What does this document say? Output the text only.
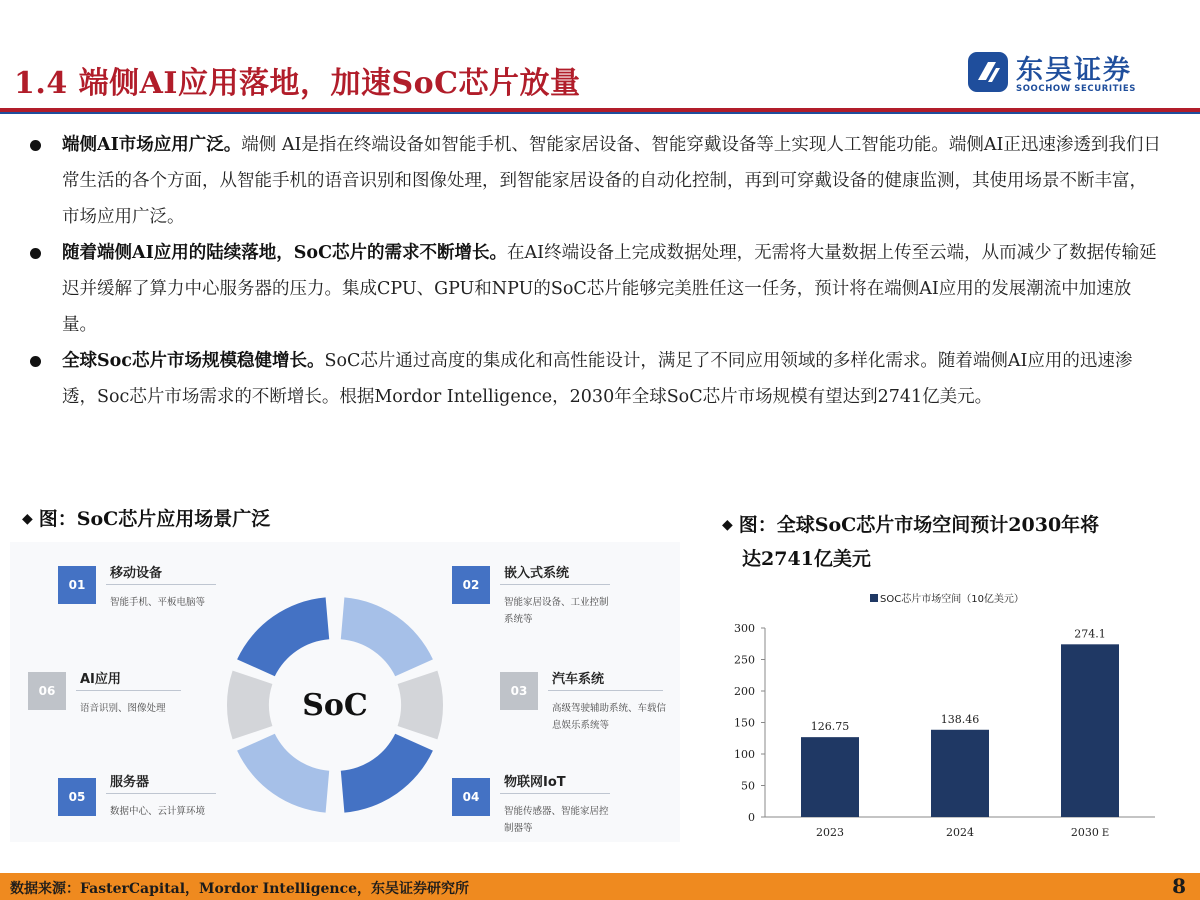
1.4 端侧AI应用落地，加速SoC芯片放量	东吴证券
SOOCHOW SECURITIES

端侧AI市场应用广泛。端侧 AI是指在终端设备如智能手机、智能家居设备、智能穿戴设备等上实现人工智能功能。端侧AI正迅速渗透到我们日常生活的各个方面，从智能手机的语音识别和图像处理，到智能家居设备的自动化控制，再到可穿戴设备的健康监测，其使用场景不断丰富，市场应用广泛。

随着端侧AI应用的陆续落地，SoC芯片的需求不断增长。在AI终端设备上完成数据处理，无需将大量数据上传至云端，从而减少了数据传输延迟并缓解了算力中心服务器的压力。集成CPU、GPU和NPU的SoC芯片能够完美胜任这一任务，预计将在端侧AI应用的发展潮流中加速放量。

全球Soc芯片市场规模稳健增长。SoC芯片通过高度的集成化和高性能设计，满足了不同应用领域的多样化需求。随着端侧AI应用的迅速渗透，Soc芯片市场需求的不断增长。根据Mordor Intelligence，2030年全球SoC芯片市场规模有望达到2741亿美元。

◆ 图：SoC芯片应用场景广泛
SoC
01
移动设备
智能手机、平板电脑等
06
AI应用
语音识别、图像处理
05
服务器
数据中心、云计算环境
02
嵌入式系统
智能家居设备、工业控制系统等
03
汽车系统
高级驾驶辅助系统、车载信息娱乐系统等
04
物联网IoT
智能传感器、智能家居控制器等
◆ 图：全球SoC芯片市场空间预计2030年将
达2741亿美元
SOC芯片市场空间（10亿美元）
0
50
100
150
200
250
300
126.75
2023
138.46
2024
274.1
2030 E
数据来源：FasterCapital，Mordor Intelligence，东吴证券研究所	8
